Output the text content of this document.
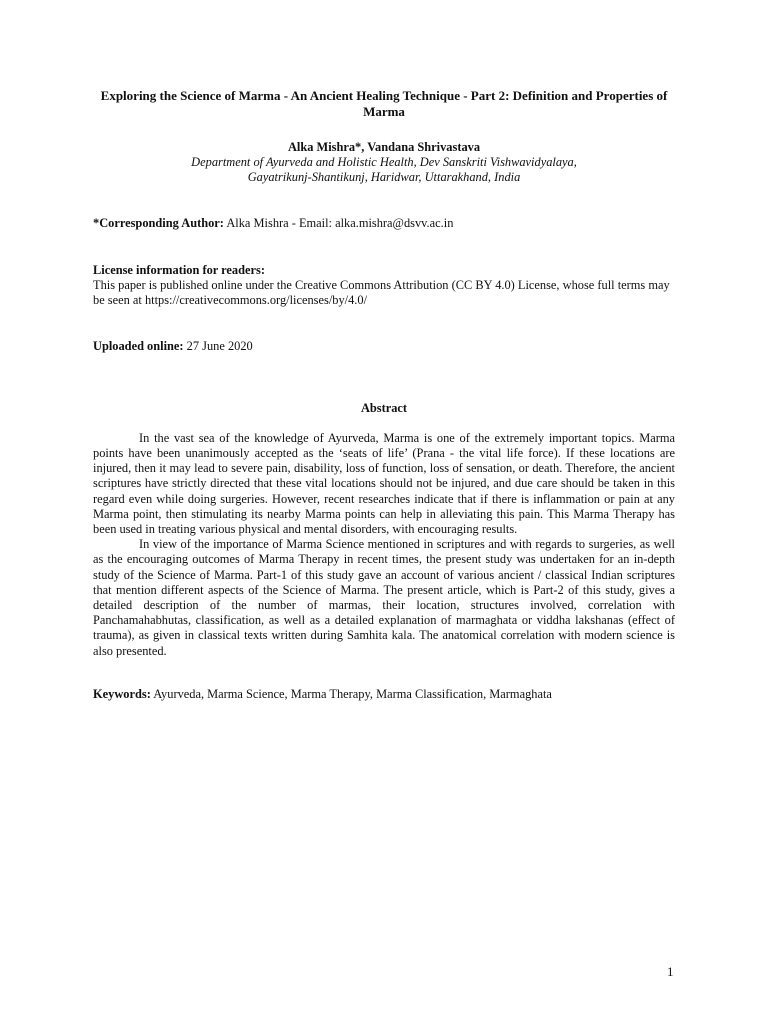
Exploring the Science of Marma - An Ancient Healing Technique - Part 2: Definition and Properties of Marma
Alka Mishra*, Vandana Shrivastava
Department of Ayurveda and Holistic Health, Dev Sanskriti Vishwavidyalaya,
Gayatrikunj-Shantikunj, Haridwar, Uttarakhand, India
*Corresponding Author: Alka Mishra - Email: alka.mishra@dsvv.ac.in
License information for readers:
This paper is published online under the Creative Commons Attribution (CC BY 4.0) License, whose full terms may be seen at https://creativecommons.org/licenses/by/4.0/
Uploaded online: 27 June 2020
Abstract

In the vast sea of the knowledge of Ayurveda, Marma is one of the extremely important topics. Marma points have been unanimously accepted as the ‘seats of life’ (Prana - the vital life force). If these locations are injured, then it may lead to severe pain, disability, loss of function, loss of sensation, or death. Therefore, the ancient scriptures have strictly directed that these vital locations should not be injured, and due care should be taken in this regard even while doing surgeries. However, recent researches indicate that if there is inflammation or pain at any Marma point, then stimulating its nearby Marma points can help in alleviating this pain. This Marma Therapy has been used in treating various physical and mental disorders, with encouraging results.

In view of the importance of Marma Science mentioned in scriptures and with regards to surgeries, as well as the encouraging outcomes of Marma Therapy in recent times, the present study was undertaken for an in-depth study of the Science of Marma. Part-1 of this study gave an account of various ancient / classical Indian scriptures that mention different aspects of the Science of Marma. The present article, which is Part-2 of this study, gives a detailed description of the number of marmas, their location, structures involved, correlation with Panchamahabhutas, classification, as well as a detailed explanation of marmaghata or viddha lakshanas (effect of trauma), as given in classical texts written during Samhita kala. The anatomical correlation with modern science is also presented.

Keywords: Ayurveda, Marma Science, Marma Therapy, Marma Classification, Marmaghata
1
